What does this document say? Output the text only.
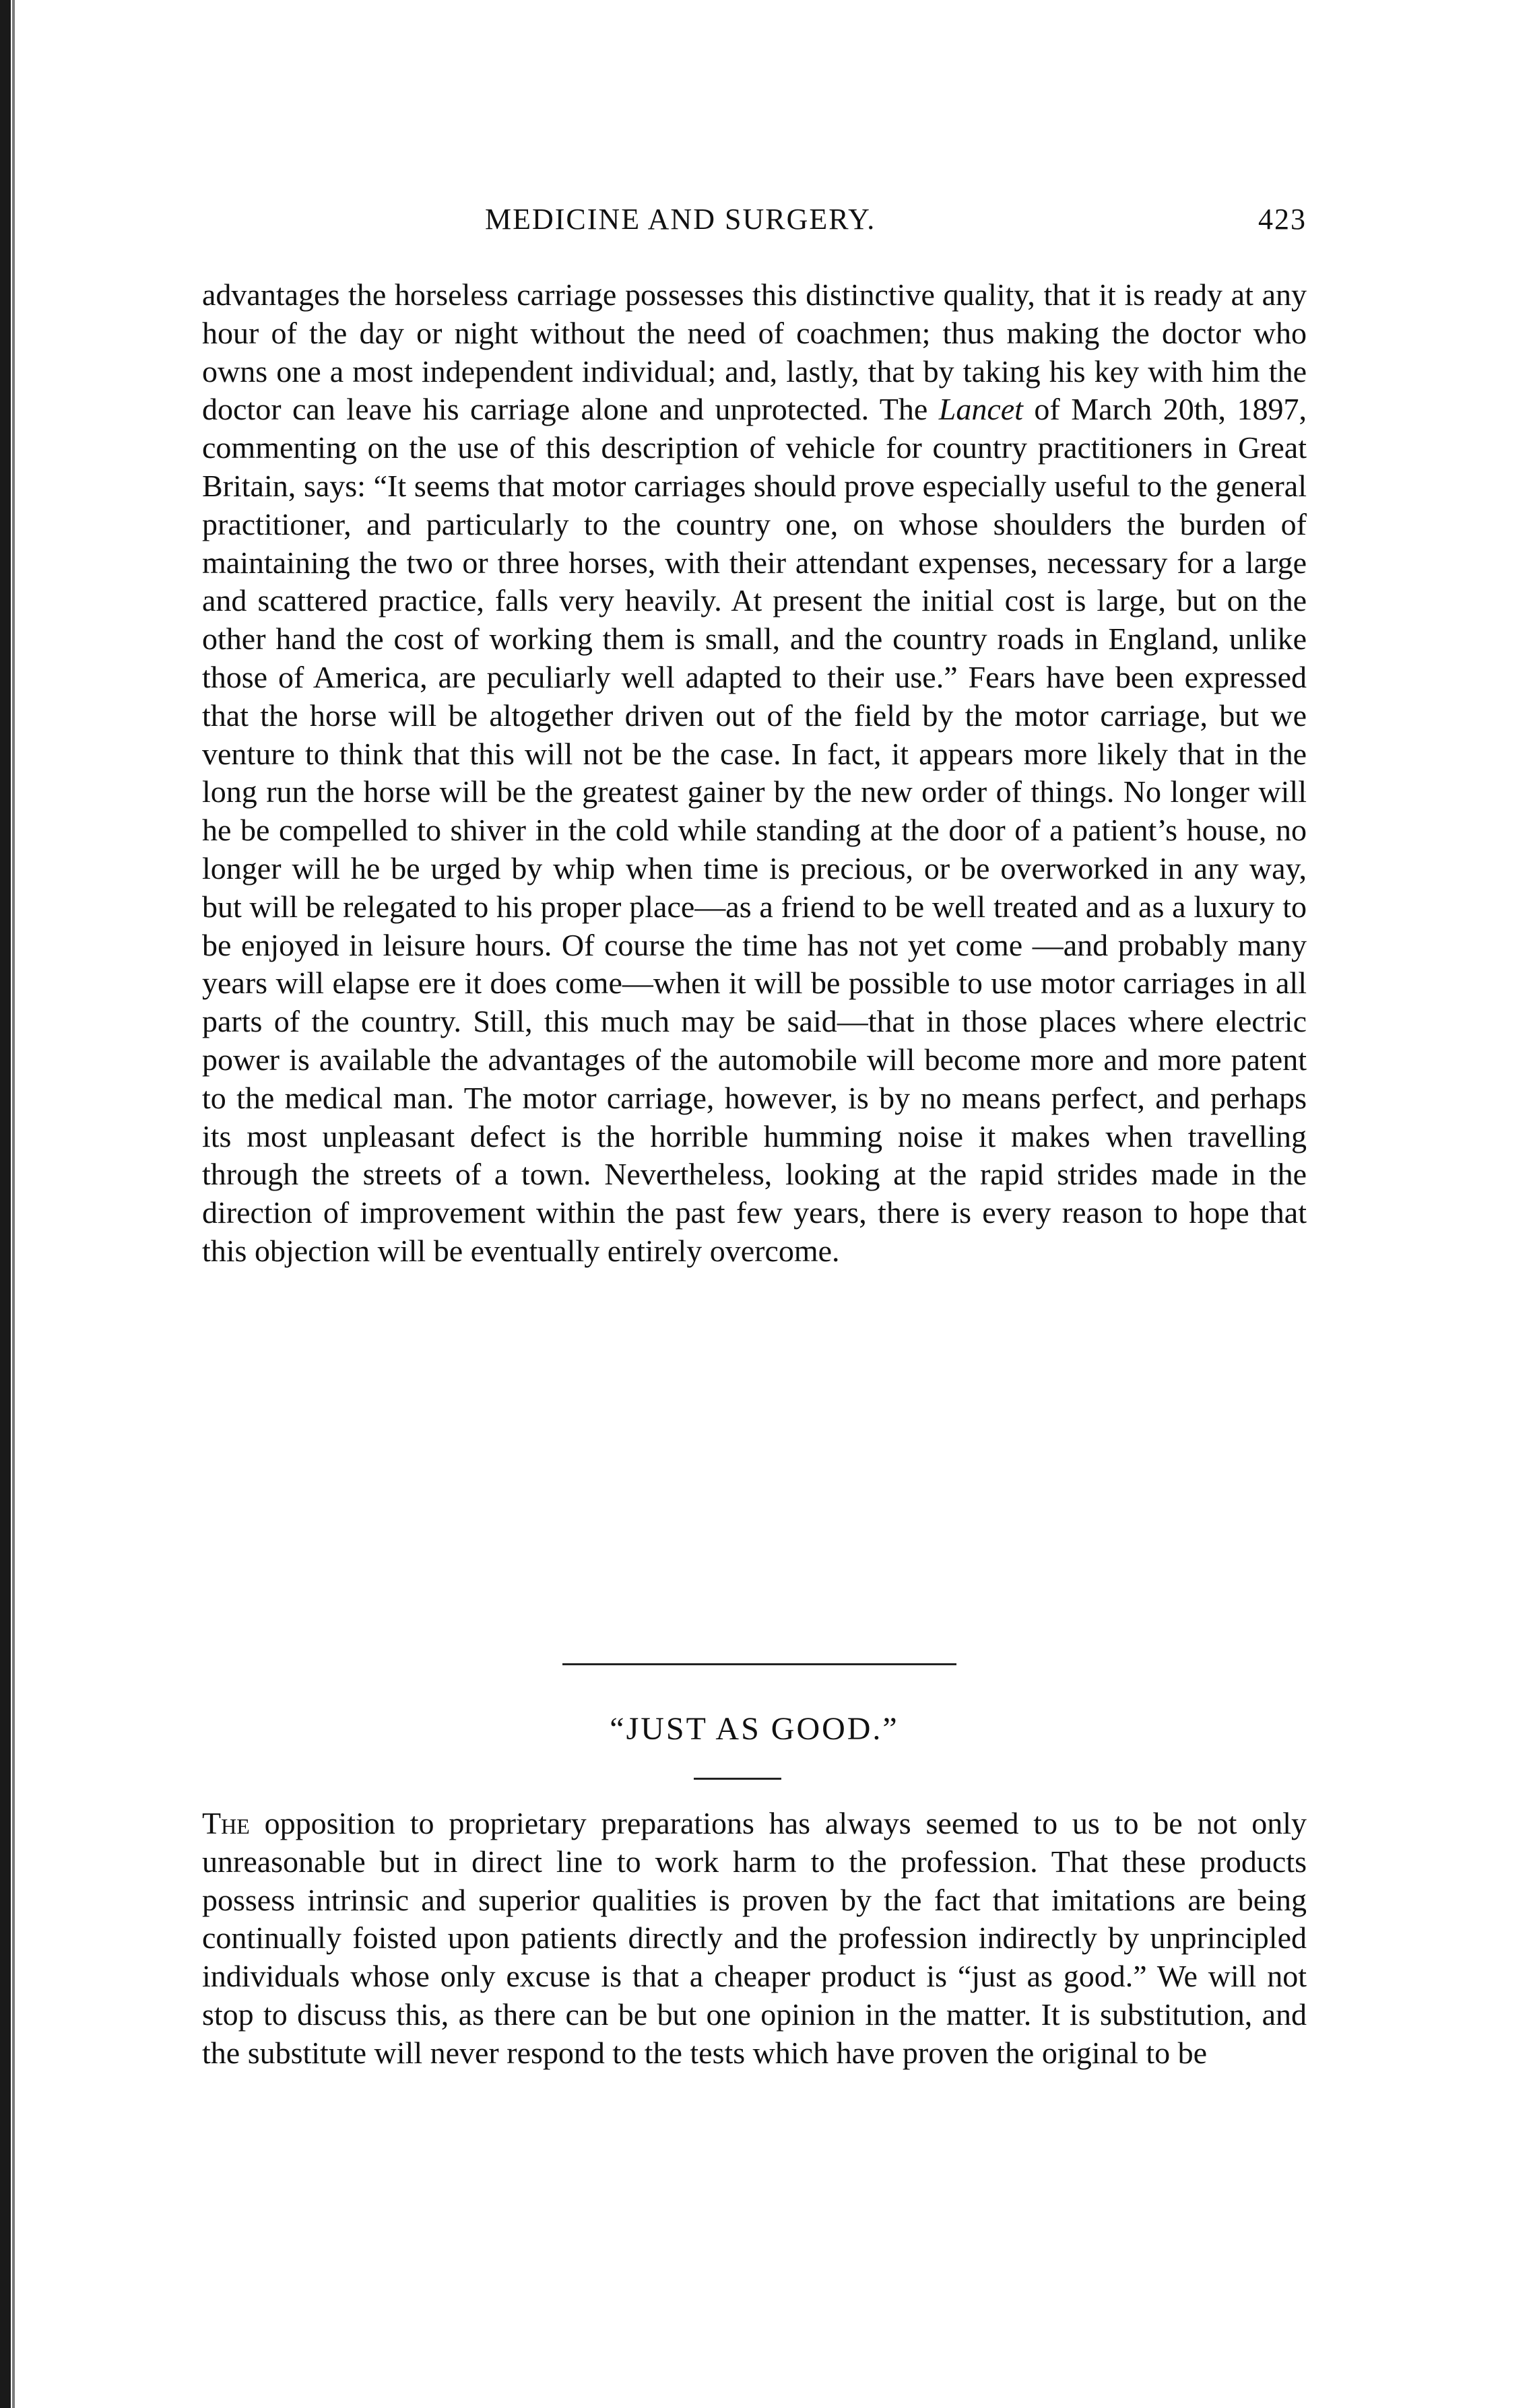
MEDICINE AND SURGERY.	423

advantages the horseless carriage possesses this distinctive quality, that it is ready at any hour of the day or night without the need of coachmen; thus making the doctor who owns one a most independent individual; and, lastly, that by taking his key with him the doctor can leave his carriage alone and unprotected. The Lancet of March 20th, 1897, commenting on the use of this description of vehicle for country practitioners in Great Britain, says: “It seems that motor carriages should prove especially useful to the general practitioner, and particularly to the country one, on whose shoulders the burden of maintaining the two or three horses, with their attendant expenses, necessary for a large and scattered practice, falls very heavily. At present the initial cost is large, but on the other hand the cost of working them is small, and the country roads in England, unlike those of America, are peculiarly well adapted to their use.” Fears have been expressed that the horse will be altogether driven out of the field by the motor carriage, but we venture to think that this will not be the case. In fact, it appears more likely that in the long run the horse will be the greatest gainer by the new order of things. No longer will he be compelled to shiver in the cold while standing at the door of a patient’s house, no longer will he be urged by whip when time is precious, or be overworked in any way, but will be relegated to his proper place—as a friend to be well treated and as a luxury to be enjoyed in leisure hours. Of course the time has not yet come —and probably many years will elapse ere it does come—when it will be possible to use motor carriages in all parts of the country. Still, this much may be said—that in those places where electric power is available the advantages of the automobile will become more and more patent to the medical man. The motor carriage, however, is by no means perfect, and perhaps its most unpleasant defect is the horrible humming noise it makes when travelling through the streets of a town. Nevertheless, looking at the rapid strides made in the direction of improvement within the past few years, there is every reason to hope that this objection will be eventually entirely overcome.

“JUST AS GOOD.”

The opposition to proprietary preparations has always seemed to us to be not only unreasonable but in direct line to work harm to the profession. That these products possess intrinsic and superior qualities is proven by the fact that imitations are being continually foisted upon patients directly and the profession indirectly by unprincipled individuals whose only excuse is that a cheaper product is “just as good.” We will not stop to discuss this, as there can be but one opinion in the matter. It is substitution, and the substitute will never respond to the tests which have proven the original to be
